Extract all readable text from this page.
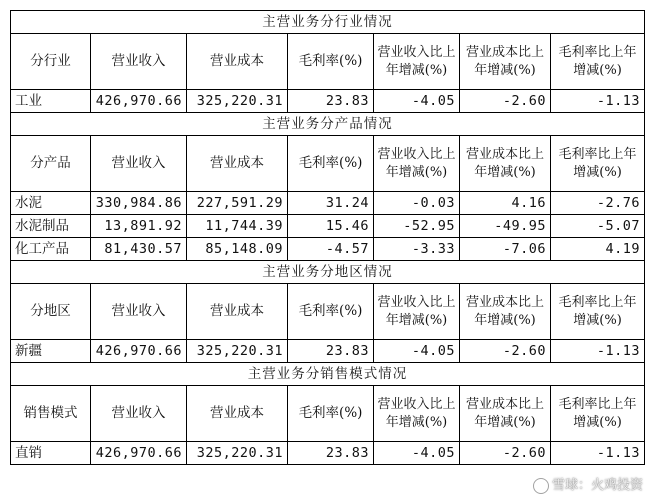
主营业务分行业情况						
分行业	营业收入	营业成本	毛利率(%)	营业收入比上年增减(%)	营业成本比上年增减(%)	毛利率比上年增减(%)
工业	426,970.66	325,220.31	23.83	-4.05	-2.60	-1.13
主营业务分产品情况						
分产品	营业收入	营业成本	毛利率(%)	营业收入比上年增减(%)	营业成本比上年增减(%)	毛利率比上年增减(%)
水泥	330,984.86	227,591.29	31.24	-0.03	4.16	-2.76
水泥制品	13,891.92	11,744.39	15.46	-52.95	-49.95	-5.07
化工产品	81,430.57	85,148.09	-4.57	-3.33	-7.06	4.19
主营业务分地区情况						
分地区	营业收入	营业成本	毛利率(%)	营业收入比上年增减(%)	营业成本比上年增减(%)	毛利率比上年增减(%)
新疆	426,970.66	325,220.31	23.83	-4.05	-2.60	-1.13
主营业务分销售模式情况						
销售模式	营业收入	营业成本	毛利率(%)	营业收入比上年增减(%)	营业成本比上年增减(%)	毛利率比上年增减(%)
直销	426,970.66	325,220.31	23.83	-4.05	-2.60	-1.13
雪球：火鸡投资
